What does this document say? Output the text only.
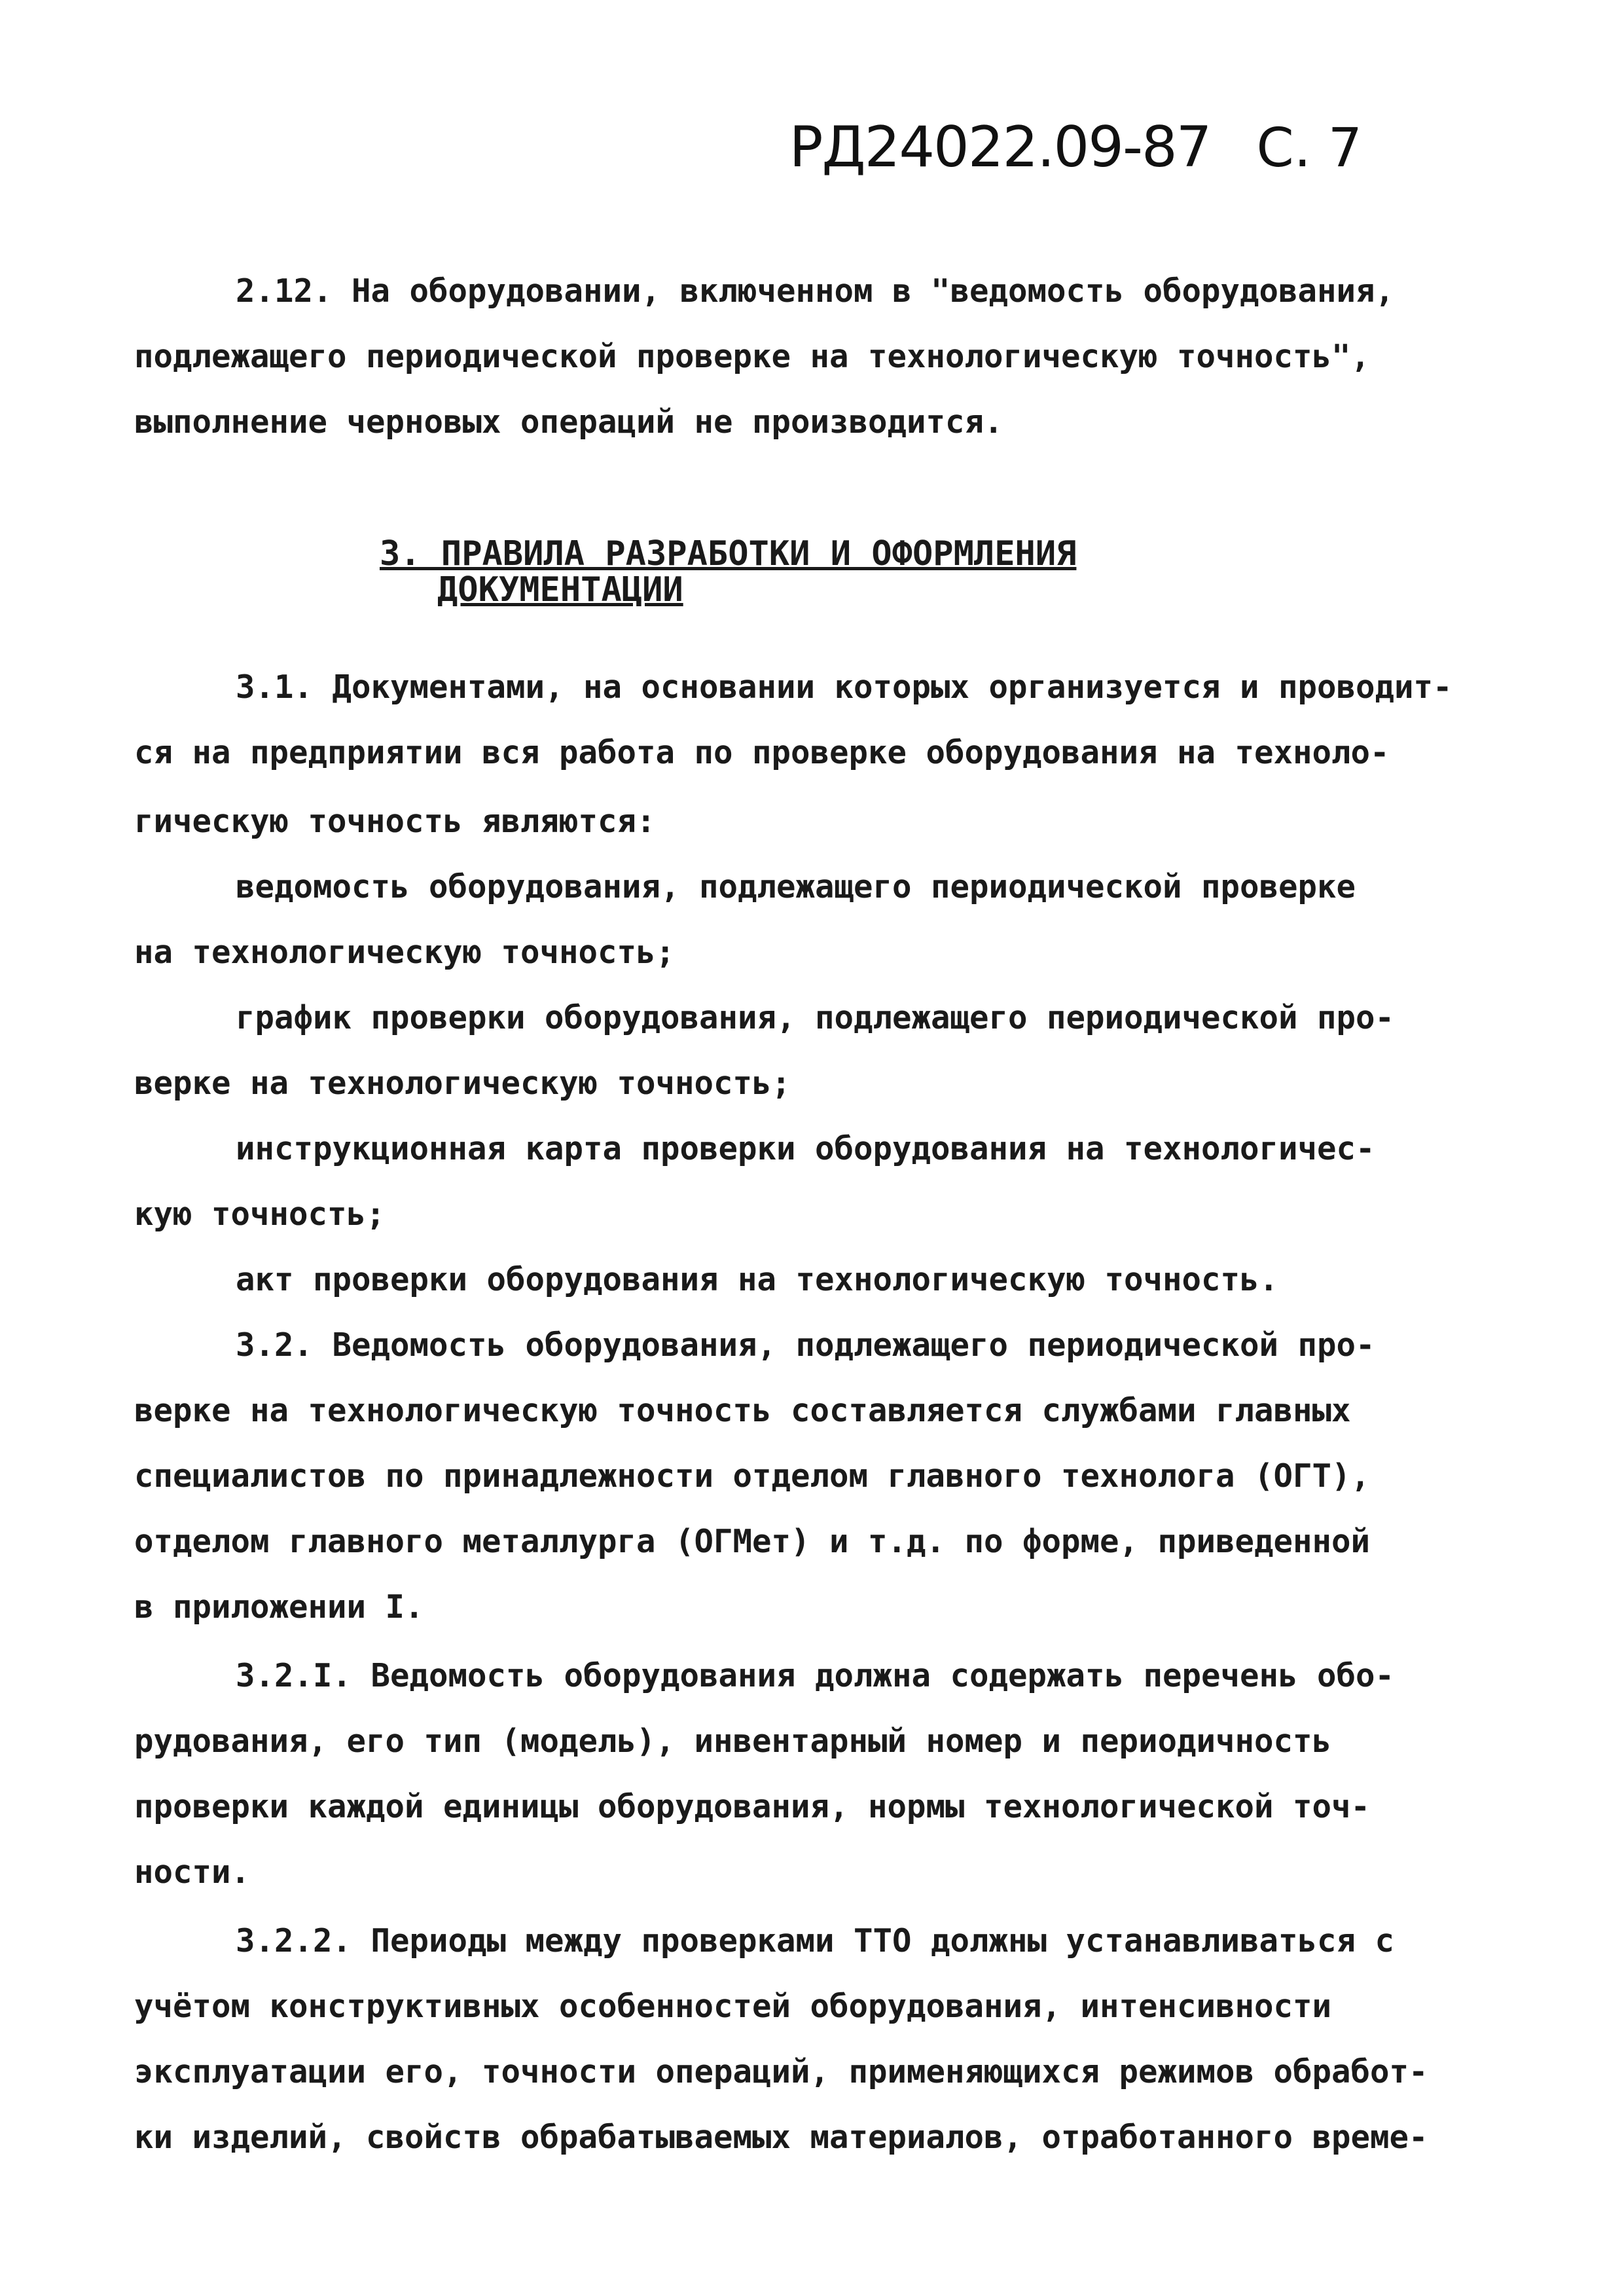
РД24022.09-87 С. 7
2.12. На оборудовании, включенном в "ведомость оборудования,
подлежащего периодической проверке на технологическую точность",
выполнение черновых операций не производится.
3. ПРАВИЛА РАЗРАБОТКИ И ОФОРМЛЕНИЯ
ДОКУМЕНТАЦИИ
3.1. Документами, на основании которых организуется и проводит-
ся на предприятии вся работа по проверке оборудования на техноло-
гическую точность являются:
ведомость оборудования, подлежащего периодической проверке
на технологическую точность;
график проверки оборудования, подлежащего периодической про-
верке на технологическую точность;
инструкционная карта проверки оборудования на технологичес-
кую точность;
акт проверки оборудования на технологическую точность.
3.2. Ведомость оборудования, подлежащего периодической про-
верке на технологическую точность составляется службами главных
специалистов по принадлежности отделом главного технолога (ОГТ),
отделом главного металлурга (ОГМет) и т.д. по форме, приведенной
в приложении I.
3.2.I. Ведомость оборудования должна содержать перечень обо-
рудования, его тип (модель), инвентарный номер и периодичность
проверки каждой единицы оборудования, нормы технологической точ-
ности.
3.2.2. Периоды между проверками ТТО должны устанавливаться с
учётом конструктивных особенностей оборудования, интенсивности
эксплуатации его, точности операций, применяющихся режимов обработ-
ки изделий, свойств обрабатываемых материалов, отработанного време-
